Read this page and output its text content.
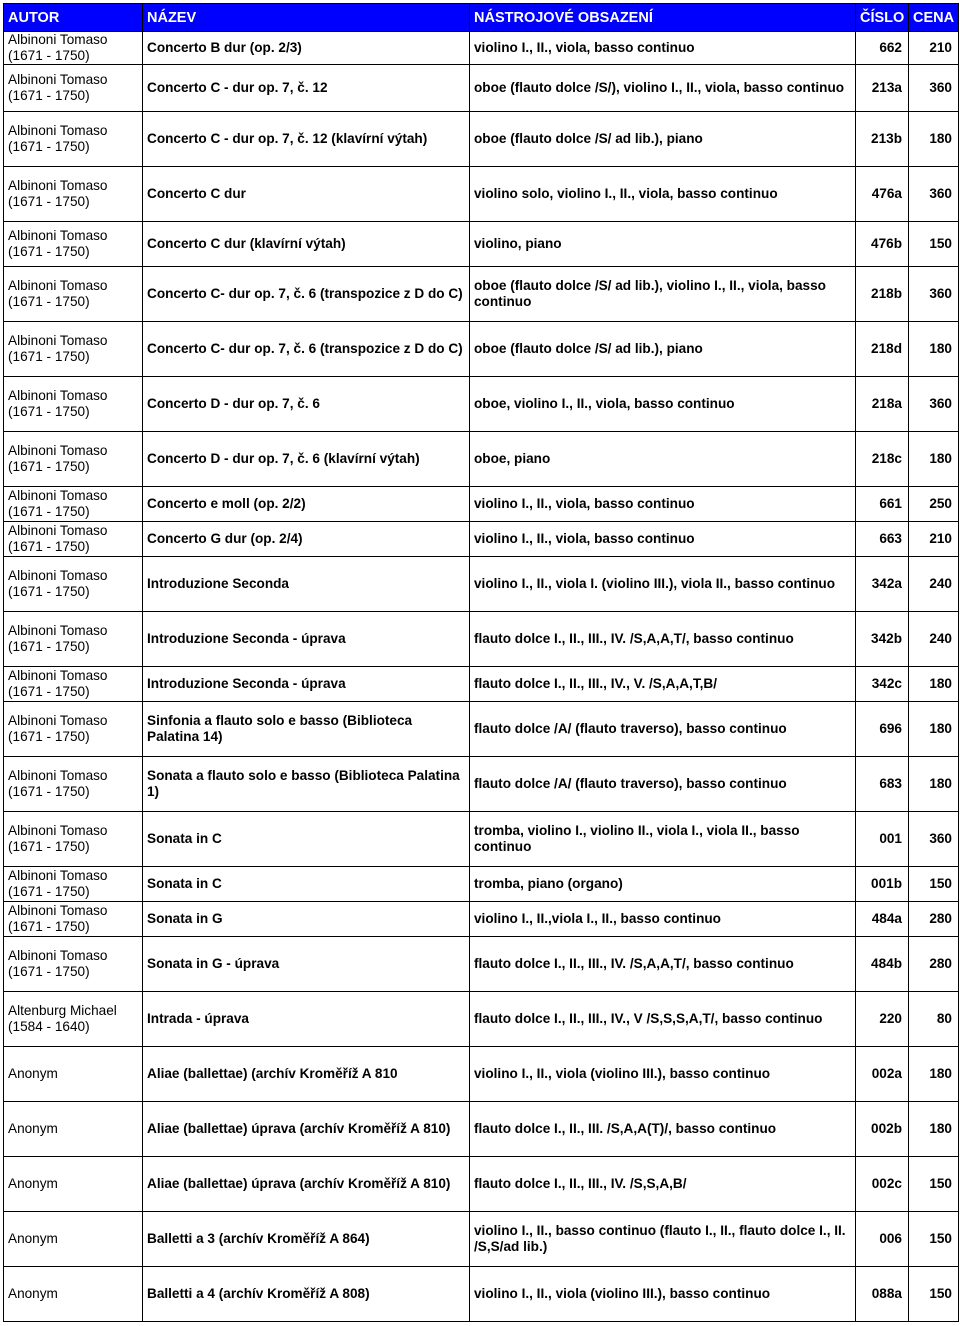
AUTOR	NÁZEV	NÁSTROJOVÉ OBSAZENÍ	ČÍSLO	CENA
Albinoni Tomaso (1671 - 1750)	Concerto B dur (op. 2/3)	violino I., II., viola, basso continuo	662	210
Albinoni Tomaso (1671 - 1750)	Concerto C - dur op. 7, č. 12	oboe (flauto dolce /S/), violino I., II., viola, basso continuo	213a	360
Albinoni Tomaso (1671 - 1750)	Concerto C - dur op. 7, č. 12 (klavírní výtah)	oboe (flauto dolce /S/ ad lib.), piano	213b	180
Albinoni Tomaso (1671 - 1750)	Concerto C dur	violino solo, violino I., II., viola, basso continuo	476a	360
Albinoni Tomaso (1671 - 1750)	Concerto C dur (klavírní výtah)	violino, piano	476b	150
Albinoni Tomaso (1671 - 1750)	Concerto C- dur op. 7, č. 6 (transpozice z D do C)	oboe (flauto dolce /S/ ad lib.), violino I., II., viola, basso continuo	218b	360
Albinoni Tomaso (1671 - 1750)	Concerto C- dur op. 7, č. 6 (transpozice z D do C)	oboe (flauto dolce /S/ ad lib.), piano	218d	180
Albinoni Tomaso (1671 - 1750)	Concerto D - dur op. 7, č. 6	oboe, violino I., II., viola, basso continuo	218a	360
Albinoni Tomaso (1671 - 1750)	Concerto D - dur op. 7, č. 6 (klavírní výtah)	oboe, piano	218c	180
Albinoni Tomaso (1671 - 1750)	Concerto e moll (op. 2/2)	violino I., II., viola, basso continuo	661	250
Albinoni Tomaso (1671 - 1750)	Concerto G dur (op. 2/4)	violino I., II., viola, basso continuo	663	210
Albinoni Tomaso (1671 - 1750)	Introduzione Seconda	violino I., II., viola I. (violino III.), viola II., basso continuo	342a	240
Albinoni Tomaso (1671 - 1750)	Introduzione Seconda - úprava	flauto dolce I., II., III., IV. /S,A,A,T/, basso continuo	342b	240
Albinoni Tomaso (1671 - 1750)	Introduzione Seconda - úprava	flauto dolce I., II., III., IV., V. /S,A,A,T,B/	342c	180
Albinoni Tomaso (1671 - 1750)	Sinfonia a flauto solo e basso (Biblioteca Palatina 14)	flauto dolce /A/ (flauto traverso), basso continuo	696	180
Albinoni Tomaso (1671 - 1750)	Sonata a flauto solo e basso (Biblioteca Palatina 1)	flauto dolce /A/ (flauto traverso), basso continuo	683	180
Albinoni Tomaso (1671 - 1750)	Sonata in C	tromba, violino I., violino II., viola I., viola II., basso continuo	001	360
Albinoni Tomaso (1671 - 1750)	Sonata in C	tromba, piano (organo)	001b	150
Albinoni Tomaso (1671 - 1750)	Sonata in G	violino I., II.,viola I., II., basso continuo	484a	280
Albinoni Tomaso (1671 - 1750)	Sonata in G - úprava	flauto dolce I., II., III., IV. /S,A,A,T/, basso continuo	484b	280
Altenburg Michael (1584 - 1640)	Intrada - úprava	flauto dolce I., II., III., IV., V /S,S,S,A,T/, basso continuo	220	80
Anonym	Aliae (ballettae) (archív Kroměříž A 810	violino I., II., viola (violino III.), basso continuo	002a	180
Anonym	Aliae (ballettae) úprava (archív Kroměříž A 810)	flauto dolce I., II., III. /S,A,A(T)/, basso continuo	002b	180
Anonym	Aliae (ballettae) úprava (archív Kroměříž A 810)	flauto dolce I., II., III., IV. /S,S,A,B/	002c	150
Anonym	Balletti a 3 (archív Kroměříž A 864)	violino I., II., basso continuo (flauto I., II., flauto dolce I., II. /S,S/ad lib.)	006	150
Anonym	Balletti a 4 (archív Kroměříž A 808)	violino I., II., viola (violino III.), basso continuo	088a	150
